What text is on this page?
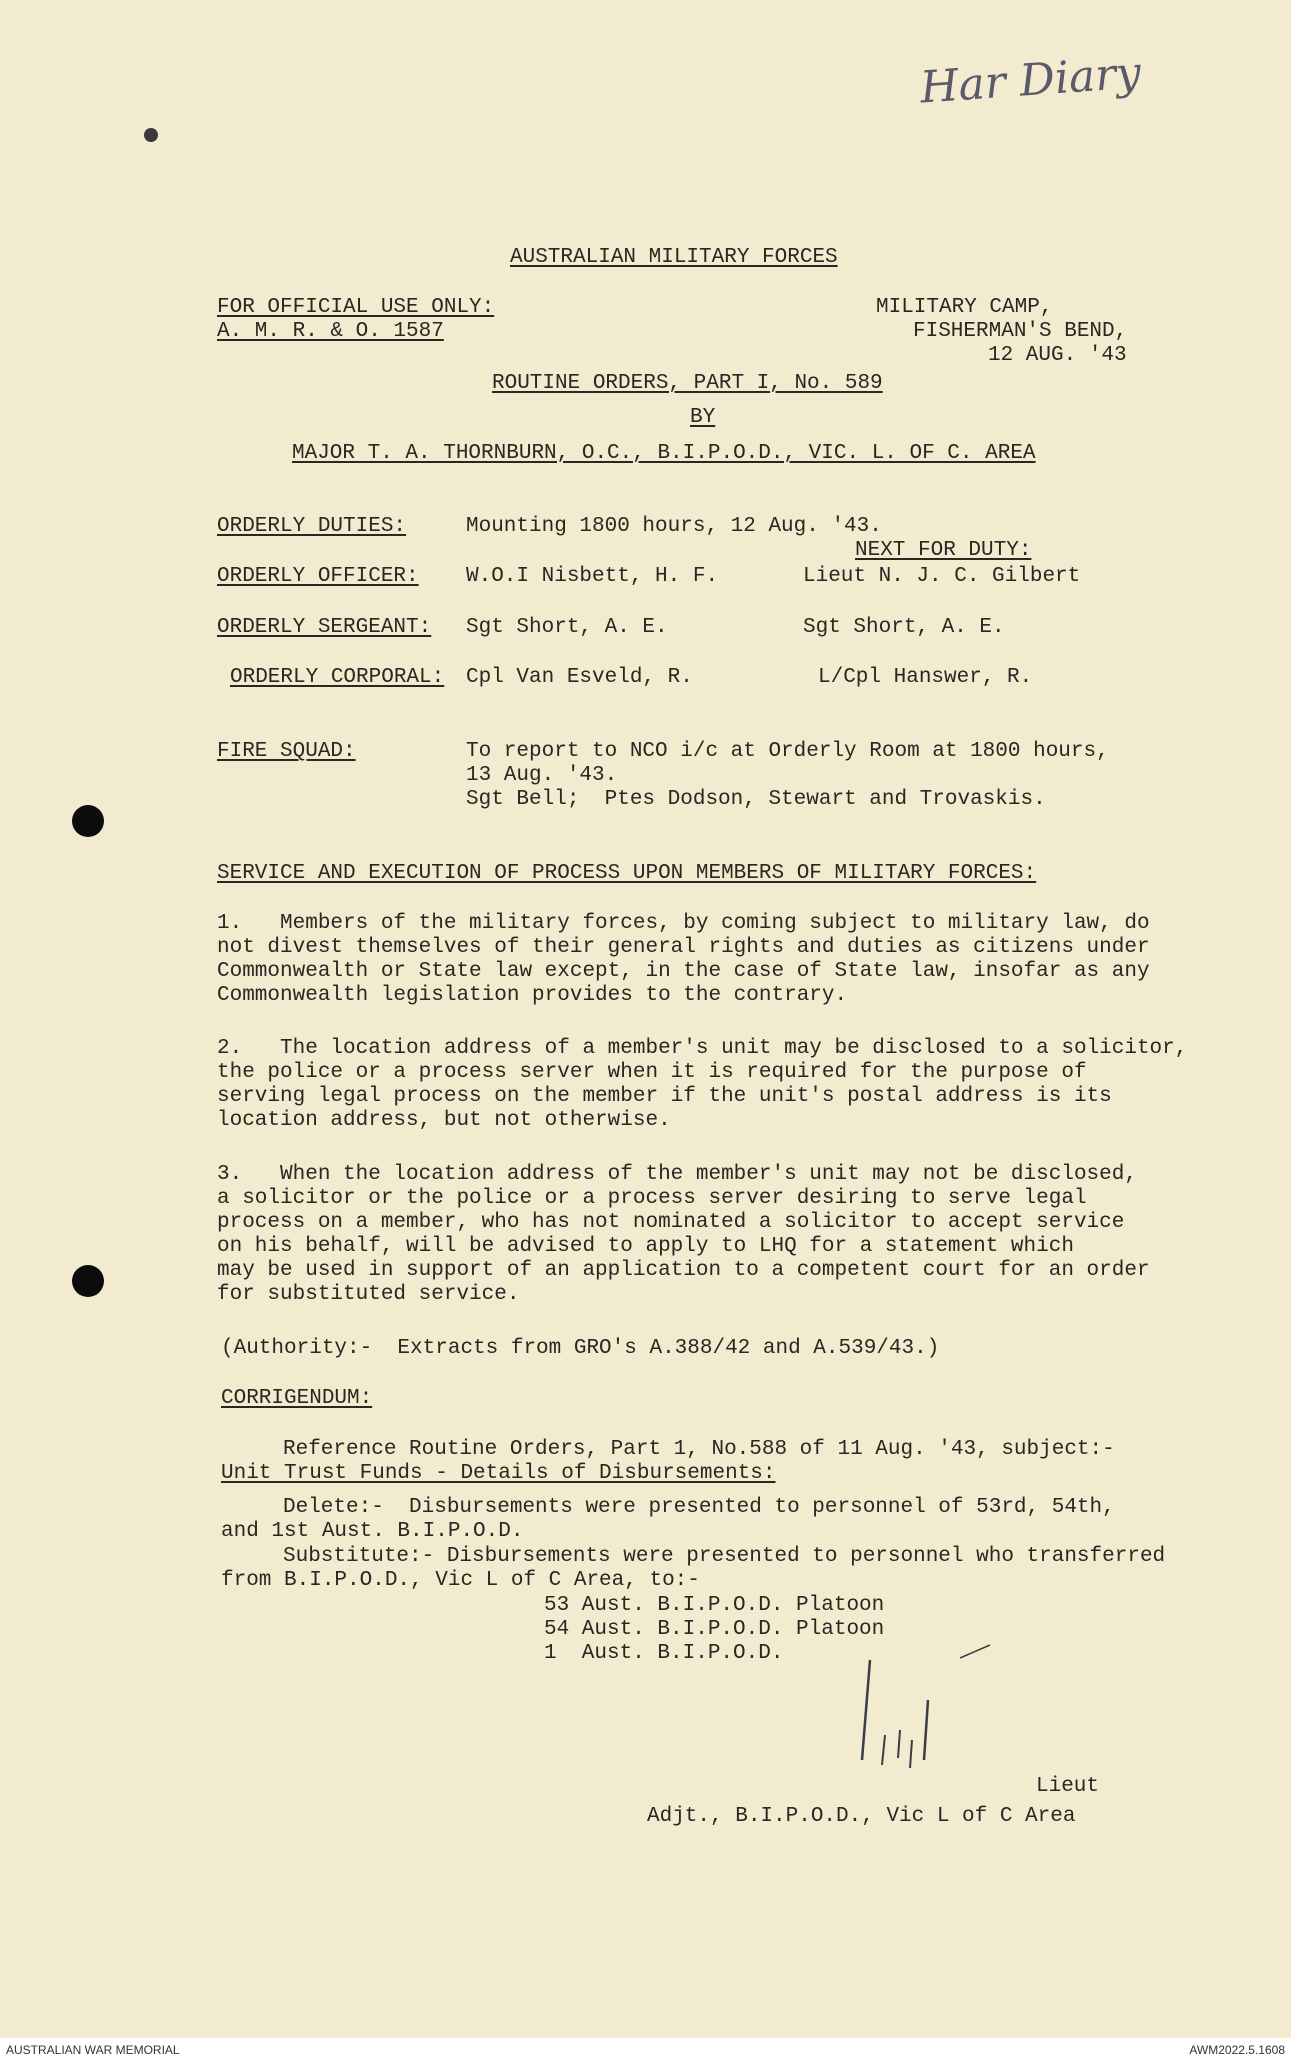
Har Diary
AUSTRALIAN MILITARY FORCES
FOR OFFICIAL USE ONLY:
A. M. R. & O. 1587
MILITARY CAMP,
FISHERMAN'S BEND,
12 AUG. '43
ROUTINE ORDERS, PART I, No. 589
BY
MAJOR T. A. THORNBURN, O.C., B.I.P.O.D., VIC. L. OF C. AREA
ORDERLY DUTIES:	Mounting 1800 hours, 12 Aug. '43.
NEXT FOR DUTY:
ORDERLY OFFICER: W.O.I Nisbett, H. F.	Lieut N. J. C. Gilbert
ORDERLY SERGEANT: Sgt Short, A. E.	Sgt Short, A. E.
ORDERLY CORPORAL: Cpl Van Esveld, R.	L/Cpl Hanswer, R.
FIRE SQUAD:	To report to NCO i/c at Orderly Room at 1800 hours,
13 Aug. '43.
Sgt Bell;  Ptes Dodson, Stewart and Trovaskis.
SERVICE AND EXECUTION OF PROCESS UPON MEMBERS OF MILITARY FORCES:
1.   Members of the military forces, by coming subject to military law, do
not divest themselves of their general rights and duties as citizens under
Commonwealth or State law except, in the case of State law, insofar as any
Commonwealth legislation provides to the contrary.
2.   The location address of a member's unit may be disclosed to a solicitor,
the police or a process server when it is required for the purpose of
serving legal process on the member if the unit's postal address is its
location address, but not otherwise.
3.   When the location address of the member's unit may not be disclosed,
a solicitor or the police or a process server desiring to serve legal
process on a member, who has not nominated a solicitor to accept service
on his behalf, will be advised to apply to LHQ for a statement which
may be used in support of an application to a competent court for an order
for substituted service.
(Authority:-  Extracts from GRO's A.388/42 and A.539/43.)
CORRIGENDUM:
Reference Routine Orders, Part 1, No.588 of 11 Aug. '43, subject:-
Unit Trust Funds - Details of Disbursements:
Delete:-  Disbursements were presented to personnel of 53rd, 54th,
and 1st Aust. B.I.P.O.D.
Substitute:- Disbursements were presented to personnel who transferred
from B.I.P.O.D., Vic L of C Area, to:-
53 Aust. B.I.P.O.D. Platoon
54 Aust. B.I.P.O.D. Platoon
1  Aust. B.I.P.O.D.
Lieut
Adjt., B.I.P.O.D., Vic L of C Area
AUSTRALIAN WAR MEMORIAL	AWM2022.5.1608
